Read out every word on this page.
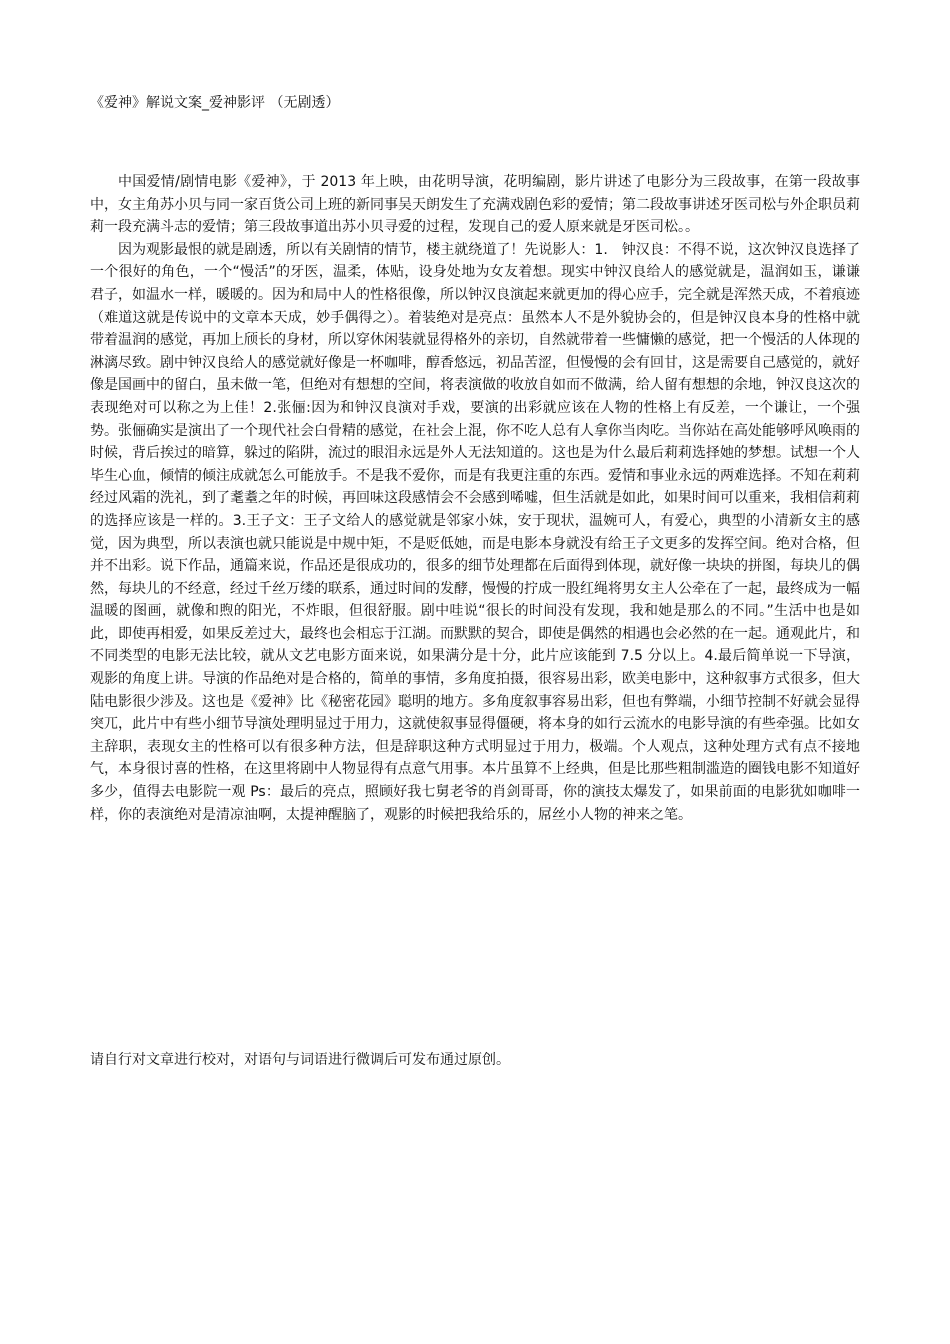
《爱神》解说文案_爱神影评 （无剧透）

中国爱情/剧情电影《爱神》，于 2013 年上映，由花明导演，花明编剧，影片讲述了电影分为三段故事，在第一段故事中，女主角苏小贝与同一家百货公司上班的新同事吴天朗发生了充满戏剧色彩的爱情；第二段故事讲述牙医司松与外企职员莉莉一段充满斗志的爱情；第三段故事道出苏小贝寻爱的过程，发现自己的爱人原来就是牙医司松。。

因为观影最恨的就是剧透，所以有关剧情的情节，楼主就绕道了！先说影人：1.　钟汉良：不得不说，这次钟汉良选择了一个很好的角色，一个“慢活”的牙医，温柔，体贴，设身处地为女友着想。现实中钟汉良给人的感觉就是，温润如玉，谦谦君子，如温水一样，暖暖的。因为和局中人的性格很像，所以钟汉良演起来就更加的得心应手，完全就是浑然天成，不着痕迹（难道这就是传说中的文章本天成，妙手偶得之）。着装绝对是亮点：虽然本人不是外貌协会的，但是钟汉良本身的性格中就带着温润的感觉，再加上颀长的身材，所以穿休闲装就显得格外的亲切，自然就带着一些慵懒的感觉，把一个慢活的人体现的淋漓尽致。剧中钟汉良给人的感觉就好像是一杯咖啡，醇香悠远，初品苦涩，但慢慢的会有回甘，这是需要自己感觉的，就好像是国画中的留白，虽未做一笔，但绝对有想想的空间，将表演做的收放自如而不做满，给人留有想想的余地，钟汉良这次的表现绝对可以称之为上佳！2.张俪:因为和钟汉良演对手戏，要演的出彩就应该在人物的性格上有反差，一个谦让，一个强势。张俪确实是演出了一个现代社会白骨精的感觉，在社会上混，你不吃人总有人拿你当肉吃。当你站在高处能够呼风唤雨的时候，背后挨过的暗算，躲过的陷阱，流过的眼泪永远是外人无法知道的。这也是为什么最后莉莉选择她的梦想。试想一个人毕生心血，倾情的倾注成就怎么可能放手。不是我不爱你，而是有我更注重的东西。爱情和事业永远的两难选择。不知在莉莉经过风霜的洗礼，到了耄耋之年的时候，再回味这段感情会不会感到唏嘘，但生活就是如此，如果时间可以重来，我相信莉莉的选择应该是一样的。3.王子文：王子文给人的感觉就是邻家小妹，安于现状，温婉可人，有爱心，典型的小清新女主的感觉，因为典型，所以表演也就只能说是中规中矩，不是贬低她，而是电影本身就没有给王子文更多的发挥空间。绝对合格，但并不出彩。说下作品，通篇来说，作品还是很成功的，很多的细节处理都在后面得到体现，就好像一块块的拼图，每块儿的偶然，每块儿的不经意，经过千丝万缕的联系，通过时间的发酵，慢慢的拧成一股红绳将男女主人公牵在了一起，最终成为一幅温暖的图画，就像和煦的阳光，不炸眼，但很舒服。剧中哇说“很长的时间没有发现，我和她是那么的不同。”生活中也是如此，即使再相爱，如果反差过大，最终也会相忘于江湖。而默默的契合，即使是偶然的相遇也会必然的在一起。通观此片，和不同类型的电影无法比较，就从文艺电影方面来说，如果满分是十分，此片应该能到 7.5 分以上。4.最后简单说一下导演，观影的角度上讲。导演的作品绝对是合格的，简单的事情，多角度拍摄，很容易出彩，欧美电影中，这种叙事方式很多，但大陆电影很少涉及。这也是《爱神》比《秘密花园》聪明的地方。多角度叙事容易出彩，但也有弊端，小细节控制不好就会显得突兀，此片中有些小细节导演处理明显过于用力，这就使叙事显得僵硬，将本身的如行云流水的电影导演的有些牵强。比如女主辞职，表现女主的性格可以有很多种方法，但是辞职这种方式明显过于用力，极端。个人观点，这种处理方式有点不接地气，本身很讨喜的性格，在这里将剧中人物显得有点意气用事。本片虽算不上经典，但是比那些粗制滥造的圈钱电影不知道好多少，值得去电影院一观 Ps：最后的亮点，照顾好我七舅老爷的肖剑哥哥，你的演技太爆发了，如果前面的电影犹如咖啡一样，你的表演绝对是清凉油啊，太提神醒脑了，观影的时候把我给乐的，屌丝小人物的神来之笔。

请自行对文章进行校对，对语句与词语进行微调后可发布通过原创。
